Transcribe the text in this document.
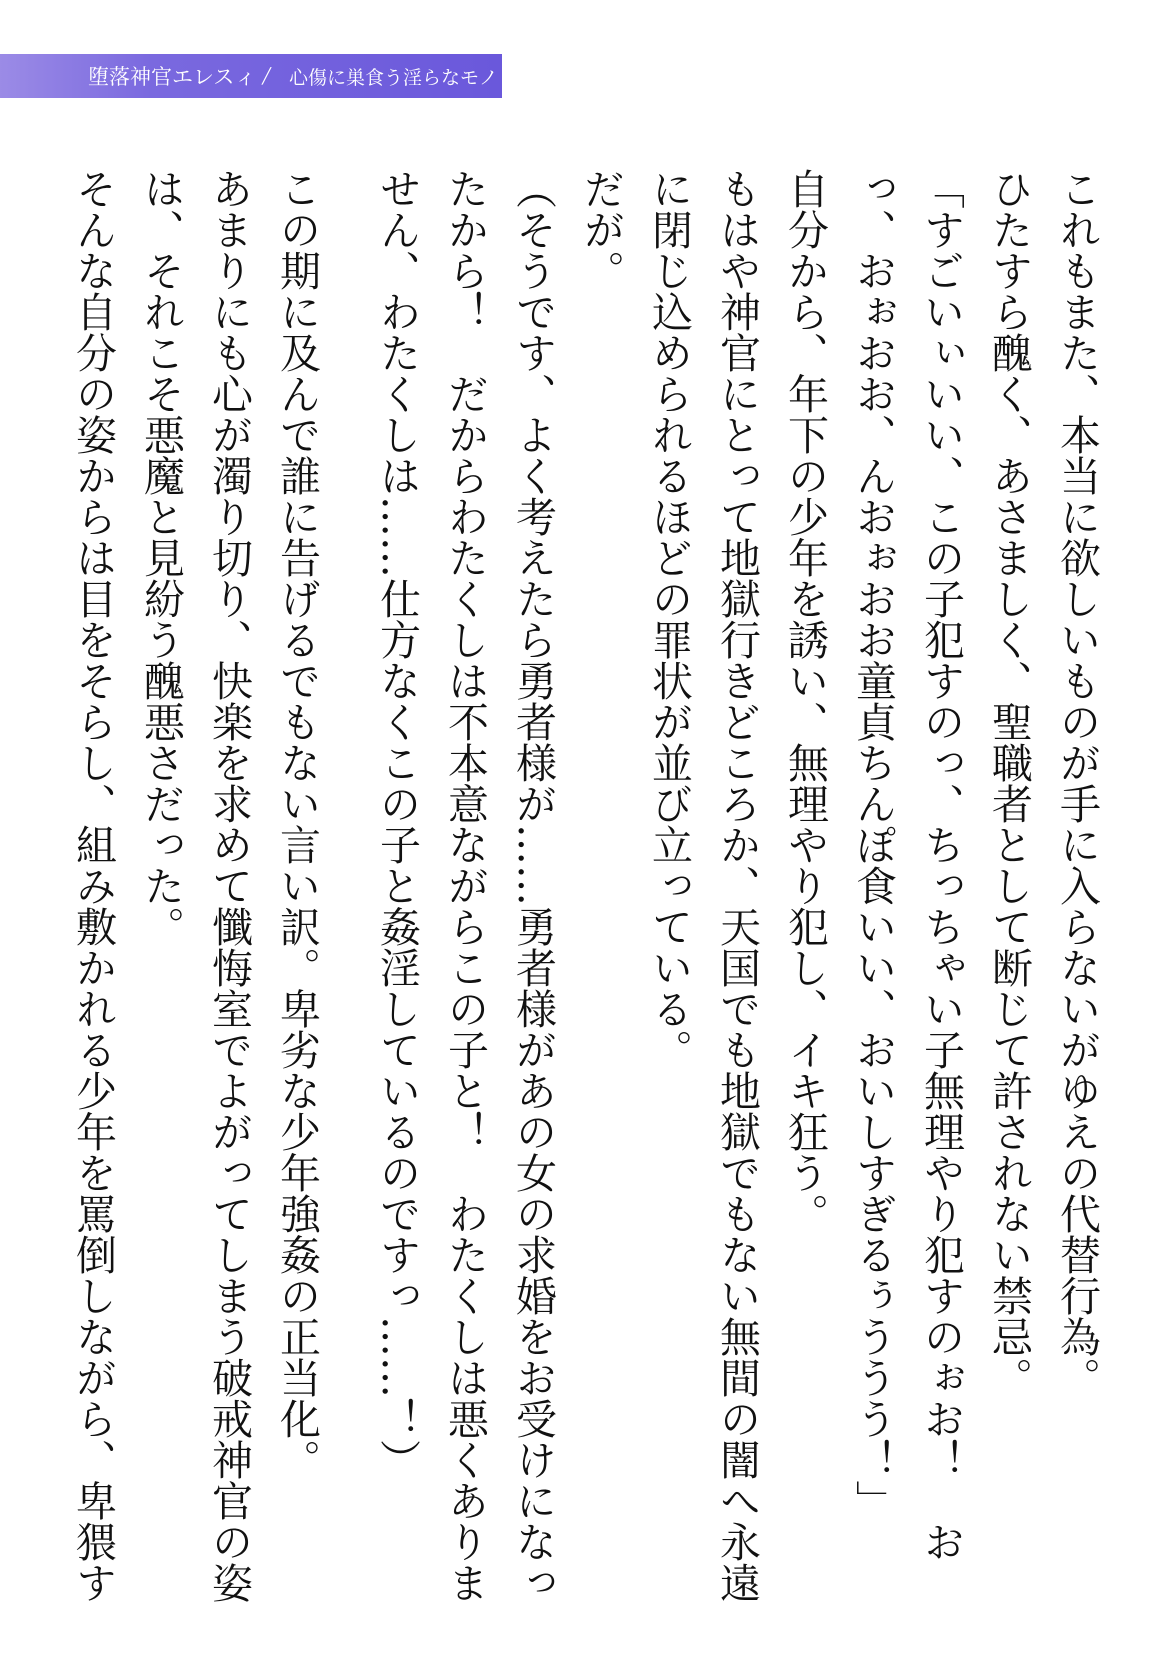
堕落神官エレスィ ╱ 心傷に巣食う淫らなモノ

これもまた、本当に欲しいものが手に入らないがゆえの代替行為。

ひたすら醜く、あさましく、聖職者として断じて許されない禁忌。

「すごいぃいい、この子犯すのっ、ちっちゃい子無理やり犯すのぉお！　おっ、おぉおお、んおぉおお童貞ちんぽ食いい、おいしすぎるぅううう！」

自分から、年下の少年を誘い、無理やり犯し、イキ狂う。

もはや神官にとって地獄行きどころか、天国でも地獄でもない無間の闇へ永遠に閉じ込められるほどの罪状が並び立っている。

だが。

（そうです、よく考えたら勇者様が……勇者様があの女の求婚をお受けになったから！　だからわたくしは不本意ながらこの子と！　わたくしは悪くありません、わたくしは……仕方なくこの子と姦淫しているのですっ……！）

この期に及んで誰に告げるでもない言い訳。卑劣な少年強姦の正当化。

あまりにも心が濁り切り、快楽を求めて懺悔室でよがってしまう破戒神官の姿は、それこそ悪魔と見紛う醜悪さだった。

そんな自分の姿からは目をそらし、組み敷かれる少年を罵倒しながら、卑猥す
